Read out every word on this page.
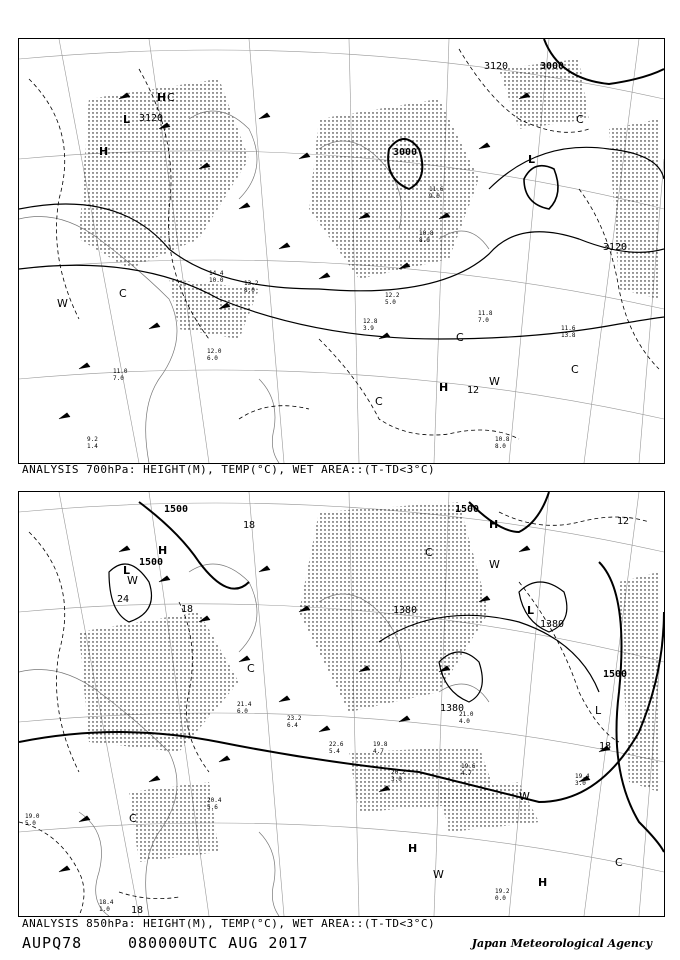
3120
3000
3000
3120
3120
12
H
L
H
C
W
C
H
C
C
L
W
C
C
11.8
7.0
11.6
13.8
10.8
8.0
9.2
1.4
11.0
7.0
12.2
5.0
14.4
10.0
12.8
3.9
13.2
8.0
12.0
6.0
10.8
8.0
11.6
9.0
ANALYSIS 700hPa: HEIGHT(M), TEMP(°C), WET AREA::(T-TD<3°C)
1500
1500
1500
1500
1380
1380
1380
24
18
18
18
18
12
H
L
W
H
L
W
C
C
H
W
H
C
W
C
L
19.2
0.0
19.6
4.7
20.2
3.0
22.6
5.4
19.0
5.0
18.4
1.0
21.4
6.0
19.8
4.7
20.4
5.6
23.2
6.4
21.0
4.0
19.4
3.0
ANALYSIS 850hPa: HEIGHT(M), TEMP(°C), WET AREA::(T-TD<3°C)
AUPQ78	080000UTC AUG 2017	Japan Meteorological Agency
